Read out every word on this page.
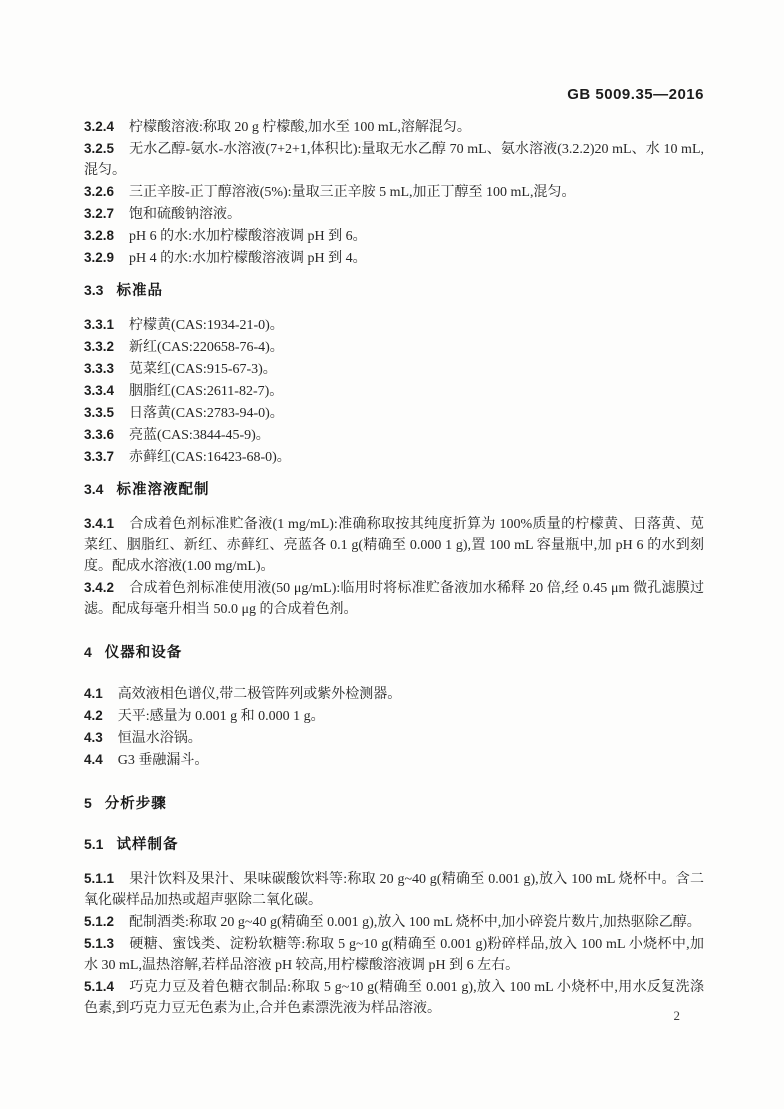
GB 5009.35—2016

3.2.4 柠檬酸溶液:称取 20 g 柠檬酸,加水至 100 mL,溶解混匀。

3.2.5 无水乙醇-氨水-水溶液(7+2+1,体积比):量取无水乙醇 70 mL、氨水溶液(3.2.2)20 mL、水 10 mL,混匀。

3.2.6 三正辛胺-正丁醇溶液(5%):量取三正辛胺 5 mL,加正丁醇至 100 mL,混匀。

3.2.7 饱和硫酸钠溶液。

3.2.8 pH 6 的水:水加柠檬酸溶液调 pH 到 6。

3.2.9 pH 4 的水:水加柠檬酸溶液调 pH 到 4。

3.3 标准品

3.3.1 柠檬黄(CAS:1934-21-0)。

3.3.2 新红(CAS:220658-76-4)。

3.3.3 苋菜红(CAS:915-67-3)。

3.3.4 胭脂红(CAS:2611-82-7)。

3.3.5 日落黄(CAS:2783-94-0)。

3.3.6 亮蓝(CAS:3844-45-9)。

3.3.7 赤藓红(CAS:16423-68-0)。

3.4 标准溶液配制

3.4.1 合成着色剂标准贮备液(1 mg/mL):准确称取按其纯度折算为 100%质量的柠檬黄、日落黄、苋菜红、胭脂红、新红、赤藓红、亮蓝各 0.1 g(精确至 0.000 1 g),置 100 mL 容量瓶中,加 pH 6 的水到刻度。配成水溶液(1.00 mg/mL)。

3.4.2 合成着色剂标准使用液(50 μg/mL):临用时将标准贮备液加水稀释 20 倍,经 0.45 μm 微孔滤膜过滤。配成每毫升相当 50.0 μg 的合成着色剂。

4 仪器和设备

4.1 高效液相色谱仪,带二极管阵列或紫外检测器。

4.2 天平:感量为 0.001 g 和 0.000 1 g。

4.3 恒温水浴锅。

4.4 G3 垂融漏斗。

5 分析步骤

5.1 试样制备

5.1.1 果汁饮料及果汁、果味碳酸饮料等:称取 20 g~40 g(精确至 0.001 g),放入 100 mL 烧杯中。含二氧化碳样品加热或超声驱除二氧化碳。

5.1.2 配制酒类:称取 20 g~40 g(精确至 0.001 g),放入 100 mL 烧杯中,加小碎瓷片数片,加热驱除乙醇。

5.1.3 硬糖、蜜饯类、淀粉软糖等:称取 5 g~10 g(精确至 0.001 g)粉碎样品,放入 100 mL 小烧杯中,加水 30 mL,温热溶解,若样品溶液 pH 较高,用柠檬酸溶液调 pH 到 6 左右。

5.1.4 巧克力豆及着色糖衣制品:称取 5 g~10 g(精确至 0.001 g),放入 100 mL 小烧杯中,用水反复洗涤色素,到巧克力豆无色素为止,合并色素漂洗液为样品溶液。	2
